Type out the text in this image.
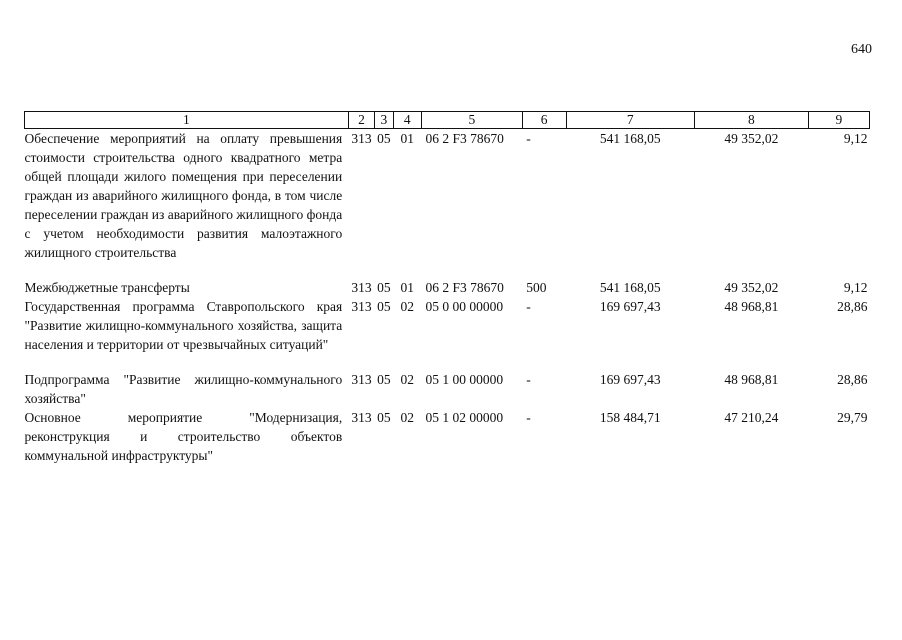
640
1	2	3	4	5	6	7	8	9
Обеспечение мероприятий на оплату превышения стоимости строительства одного квадратного метра общей площади жилого помещения при переселении граждан из аварийного жилищного фонда, в том числе переселении граждан из аварийного жилищного фонда с учетом необходимости развития малоэтажного жилищного строительства	313	05	01	06 2 F3 78670	-	541 168,05	49 352,02	9,12

Межбюджетные трансферты	313	05	01	06 2 F3 78670	500	541 168,05	49 352,02	9,12
Государственная программа Ставропольского края "Развитие жилищно-коммунального хозяйства, защита населения и территории от чрезвычайных ситуаций"	313	05	02	05 0 00 00000	-	169 697,43	48 968,81	28,86

Подпрограмма "Развитие жилищно-коммунального хозяйства"	313	05	02	05 1 00 00000	-	169 697,43	48 968,81	28,86
Основное мероприятие "Модернизация, реконструкция и строительство объектов коммунальной инфраструктуры"	313	05	02	05 1 02 00000	-	158 484,71	47 210,24	29,79
